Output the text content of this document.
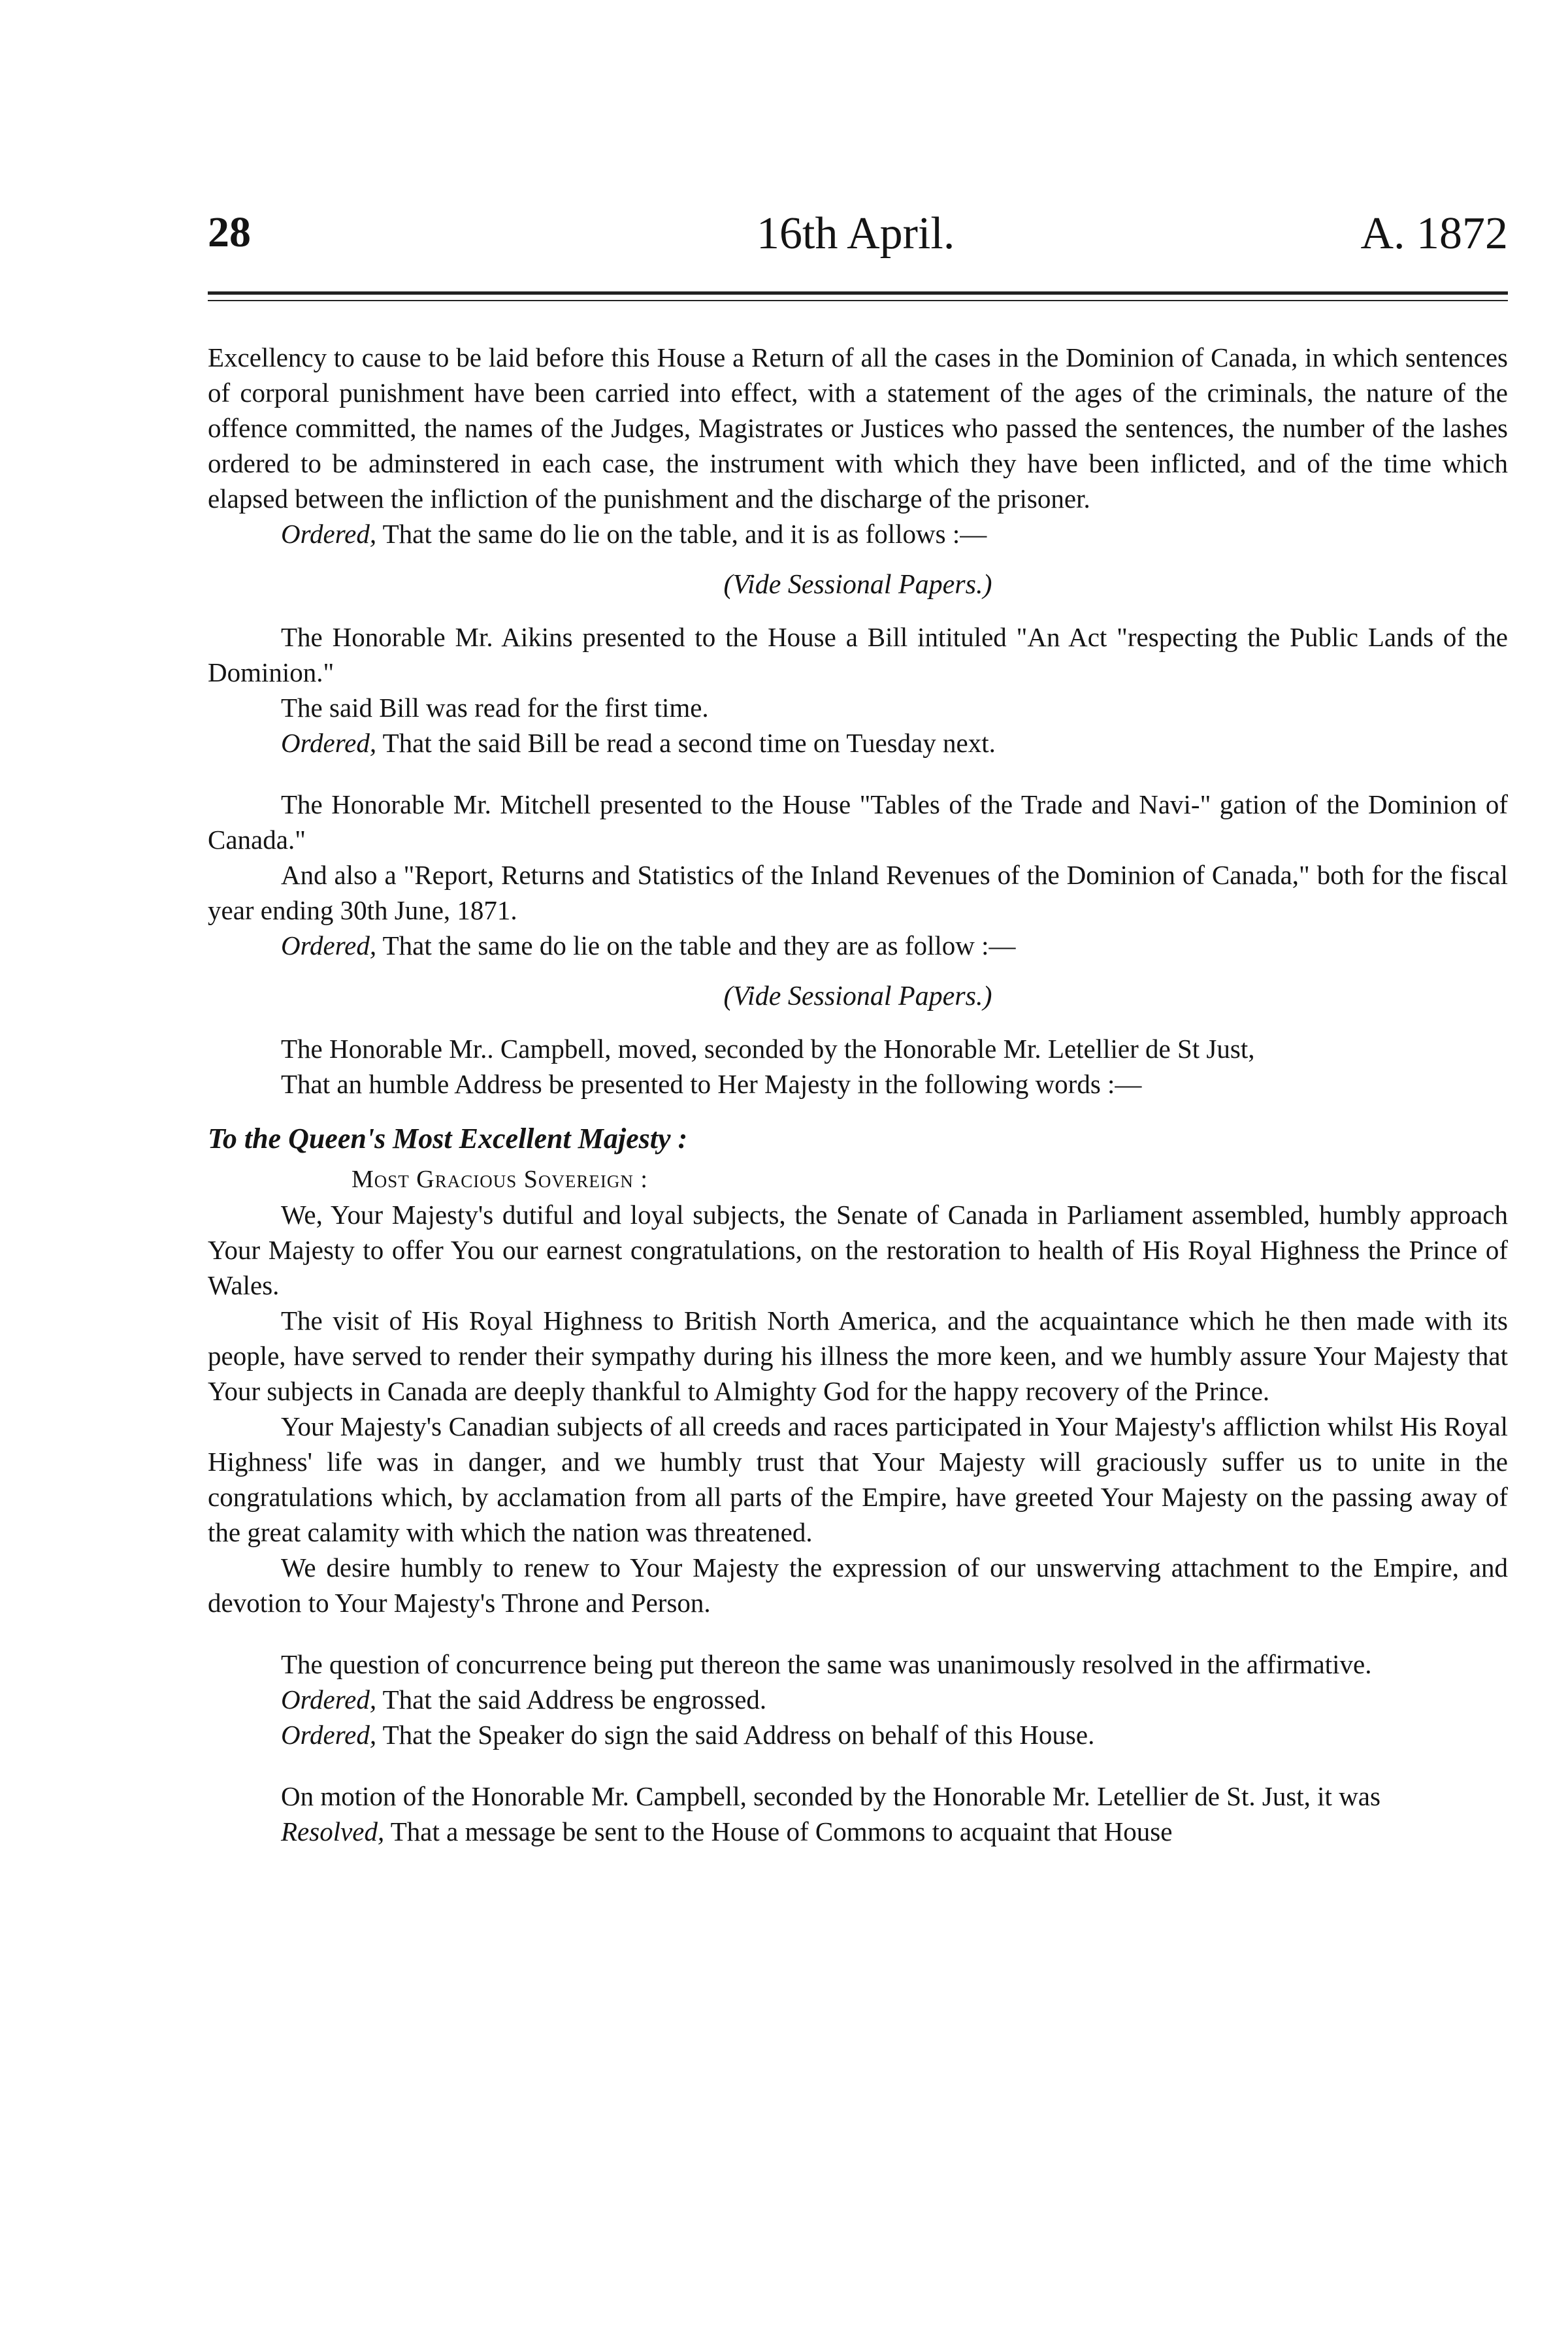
28	16th April.	A. 1872

Excellency to cause to be laid before this House a Return of all the cases in the Dominion of Canada, in which sentences of corporal punishment have been carried into effect, with a statement of the ages of the criminals, the nature of the offence committed, the names of the Judges, Magistrates or Justices who passed the sentences, the number of the lashes ordered to be adminstered in each case, the instrument with which they have been inflicted, and of the time which elapsed between the infliction of the punishment and the discharge of the prisoner.

Ordered, That the same do lie on the table, and it is as follows :—

(Vide Sessional Papers.)

The Honorable Mr. Aikins presented to the House a Bill intituled "An Act "respecting the Public Lands of the Dominion."

The said Bill was read for the first time.

Ordered, That the said Bill be read a second time on Tuesday next.

The Honorable Mr. Mitchell presented to the House "Tables of the Trade and Navi-" gation of the Dominion of Canada."

And also a "Report, Returns and Statistics of the Inland Revenues of the Dominion of Canada," both for the fiscal year ending 30th June, 1871.

Ordered, That the same do lie on the table and they are as follow :—

(Vide Sessional Papers.)

The Honorable Mr.. Campbell, moved, seconded by the Honorable Mr. Letellier de St Just,

That an humble Address be presented to Her Majesty in the following words :—

To the Queen's Most Excellent Majesty :

Most Gracious Sovereign :

We, Your Majesty's dutiful and loyal subjects, the Senate of Canada in Parliament assembled, humbly approach Your Majesty to offer You our earnest congratulations, on the restoration to health of His Royal Highness the Prince of Wales.

The visit of His Royal Highness to British North America, and the acquaintance which he then made with its people, have served to render their sympathy during his illness the more keen, and we humbly assure Your Majesty that Your subjects in Canada are deeply thankful to Almighty God for the happy recovery of the Prince.

Your Majesty's Canadian subjects of all creeds and races participated in Your Majesty's affliction whilst His Royal Highness' life was in danger, and we humbly trust that Your Majesty will graciously suffer us to unite in the congratulations which, by acclamation from all parts of the Empire, have greeted Your Majesty on the passing away of the great calamity with which the nation was threatened.

We desire humbly to renew to Your Majesty the expression of our unswerving attachment to the Empire, and devotion to Your Majesty's Throne and Person.

The question of concurrence being put thereon the same was unanimously resolved in the affirmative.

Ordered, That the said Address be engrossed.

Ordered, That the Speaker do sign the said Address on behalf of this House.

On motion of the Honorable Mr. Campbell, seconded by the Honorable Mr. Letellier de St. Just, it was

Resolved, That a message be sent to the House of Commons to acquaint that House
